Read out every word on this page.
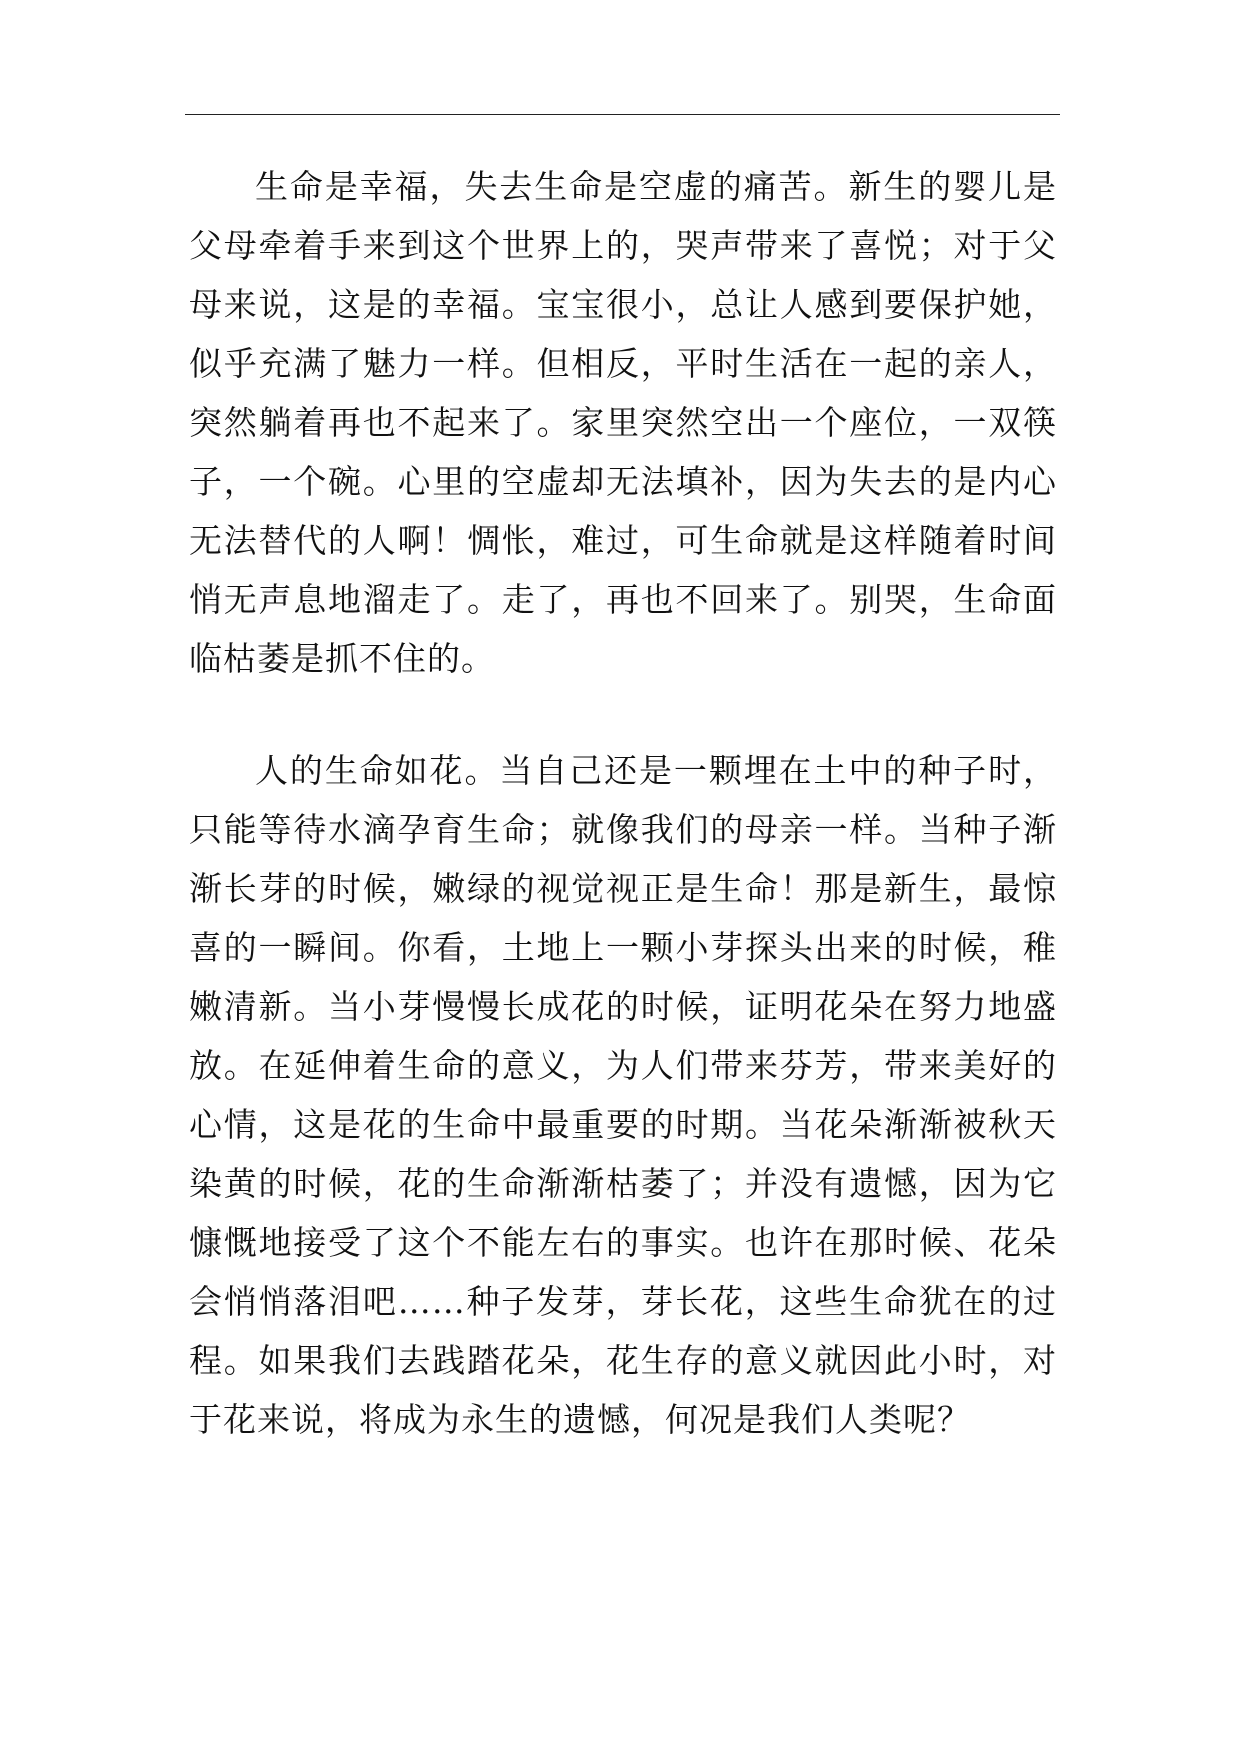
生命是幸福，失去生命是空虚的痛苦。新生的婴儿是父母牵着手来到这个世界上的，哭声带来了喜悦；对于父母来说，这是的幸福。宝宝很小，总让人感到要保护她，似乎充满了魅力一样。但相反，平时生活在一起的亲人，突然躺着再也不起来了。家里突然空出一个座位，一双筷子，一个碗。心里的空虚却无法填补，因为失去的是内心无法替代的人啊！惆怅，难过，可生命就是这样随着时间悄无声息地溜走了。走了，再也不回来了。别哭，生命面临枯萎是抓不住的。

人的生命如花。当自己还是一颗埋在土中的种子时，只能等待水滴孕育生命；就像我们的母亲一样。当种子渐渐长芽的时候，嫩绿的视觉视正是生命！那是新生，最惊喜的一瞬间。你看，土地上一颗小芽探头出来的时候，稚嫩清新。当小芽慢慢长成花的时候，证明花朵在努力地盛放。在延伸着生命的意义，为人们带来芬芳，带来美好的心情，这是花的生命中最重要的时期。当花朵渐渐被秋天染黄的时候，花的生命渐渐枯萎了；并没有遗憾，因为它慷慨地接受了这个不能左右的事实。也许在那时候、花朵会悄悄落泪吧……种子发芽，芽长花，这些生命犹在的过程。如果我们去践踏花朵，花生存的意义就因此小时，对于花来说，将成为永生的遗憾，何况是我们人类呢？
